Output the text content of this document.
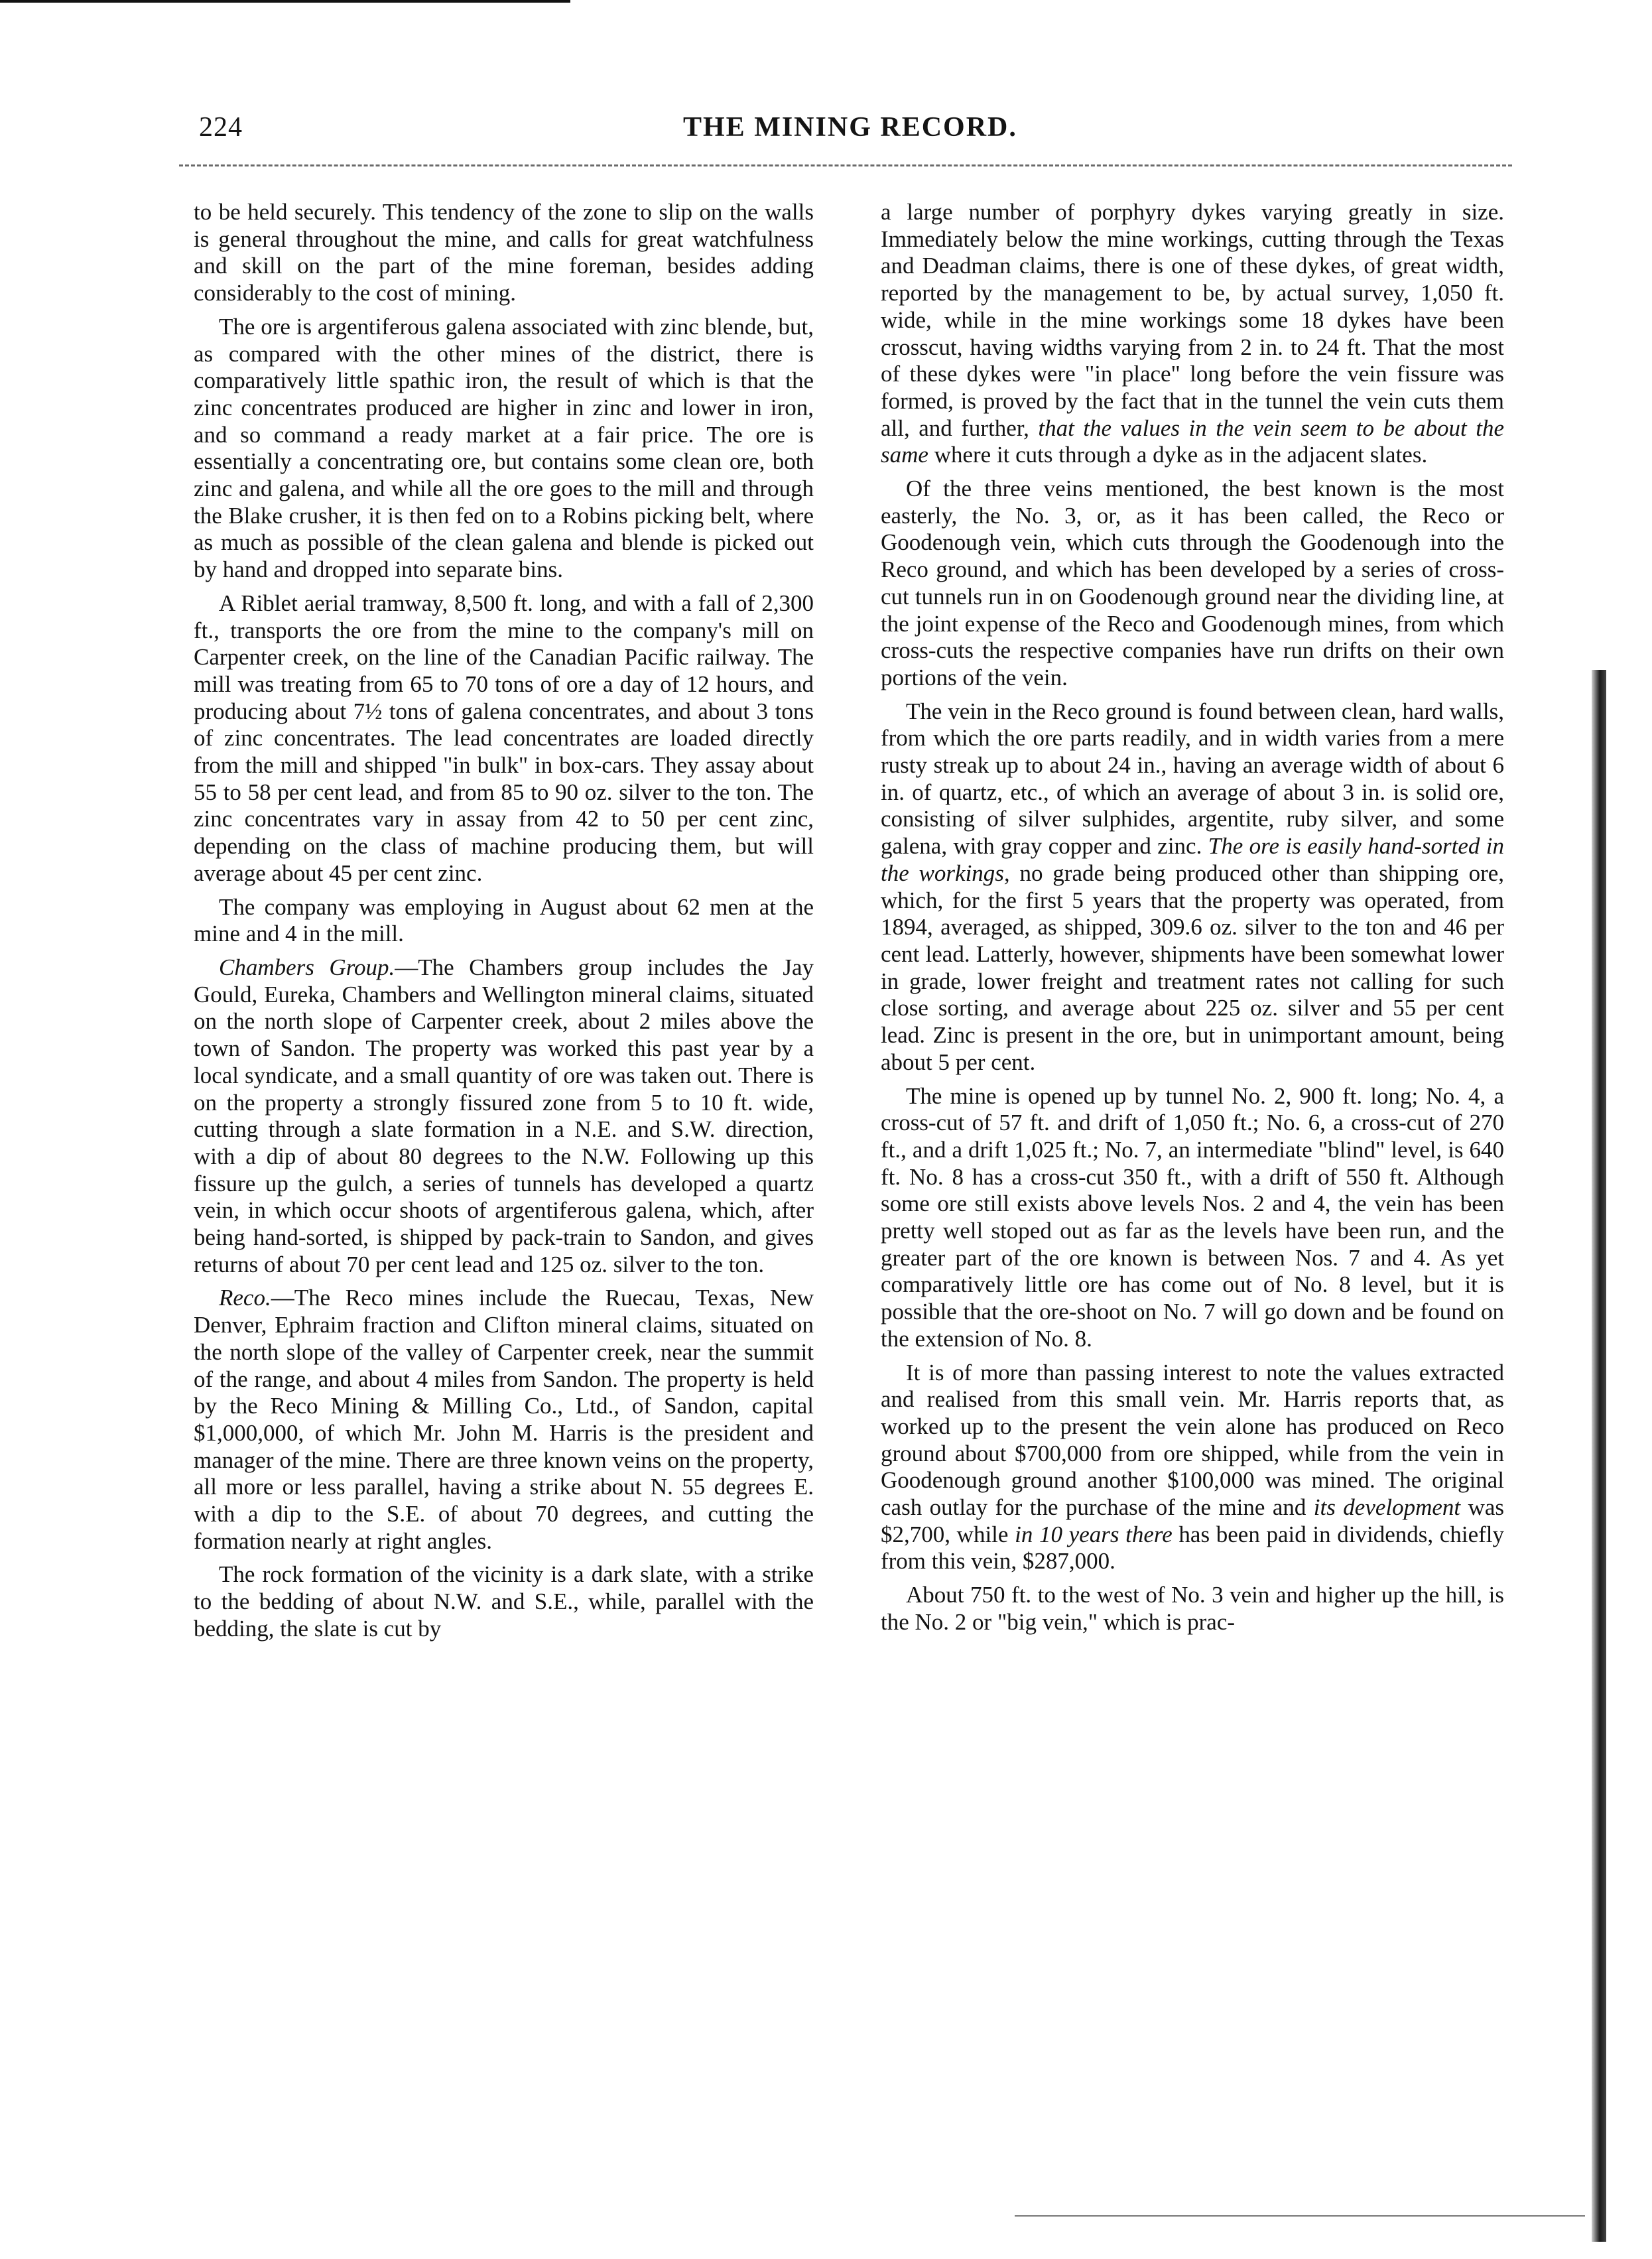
224	THE MINING RECORD.

to be held securely. This tendency of the zone to slip on the walls is general throughout the mine, and calls for great watchfulness and skill on the part of the mine foreman, besides adding considerably to the cost of mining.

The ore is argentiferous galena associated with zinc blende, but, as compared with the other mines of the district, there is comparatively little spathic iron, the result of which is that the zinc concentrates produced are higher in zinc and lower in iron, and so command a ready market at a fair price. The ore is essentially a concentrating ore, but contains some clean ore, both zinc and galena, and while all the ore goes to the mill and through the Blake crusher, it is then fed on to a Robins picking belt, where as much as possible of the clean galena and blende is picked out by hand and dropped into separate bins.

A Riblet aerial tramway, 8,500 ft. long, and with a fall of 2,300 ft., transports the ore from the mine to the company's mill on Carpenter creek, on the line of the Canadian Pacific railway. The mill was treating from 65 to 70 tons of ore a day of 12 hours, and producing about 7½ tons of galena concentrates, and about 3 tons of zinc concentrates. The lead concentrates are loaded directly from the mill and shipped "in bulk" in box-cars. They assay about 55 to 58 per cent lead, and from 85 to 90 oz. silver to the ton. The zinc concentrates vary in assay from 42 to 50 per cent zinc, depending on the class of machine producing them, but will average about 45 per cent zinc.

The company was employing in August about 62 men at the mine and 4 in the mill.

Chambers Group.—The Chambers group includes the Jay Gould, Eureka, Chambers and Wellington mineral claims, situated on the north slope of Carpenter creek, about 2 miles above the town of Sandon. The property was worked this past year by a local syndicate, and a small quantity of ore was taken out. There is on the property a strongly fissured zone from 5 to 10 ft. wide, cutting through a slate formation in a N.E. and S.W. direction, with a dip of about 80 degrees to the N.W. Following up this fissure up the gulch, a series of tunnels has developed a quartz vein, in which occur shoots of argentiferous galena, which, after being hand-sorted, is shipped by pack-train to Sandon, and gives returns of about 70 per cent lead and 125 oz. silver to the ton.

Reco.—The Reco mines include the Ruecau, Texas, New Denver, Ephraim fraction and Clifton mineral claims, situated on the north slope of the valley of Carpenter creek, near the summit of the range, and about 4 miles from Sandon. The property is held by the Reco Mining & Milling Co., Ltd., of Sandon, capital $1,000,000, of which Mr. John M. Harris is the president and manager of the mine. There are three known veins on the property, all more or less parallel, having a strike about N. 55 degrees E. with a dip to the S.E. of about 70 degrees, and cutting the formation nearly at right angles.

The rock formation of the vicinity is a dark slate, with a strike to the bedding of about N.W. and S.E., while, parallel with the bedding, the slate is cut by

a large number of porphyry dykes varying greatly in size. Immediately below the mine workings, cutting through the Texas and Deadman claims, there is one of these dykes, of great width, reported by the management to be, by actual survey, 1,050 ft. wide, while in the mine workings some 18 dykes have been crosscut, having widths varying from 2 in. to 24 ft. That the most of these dykes were "in place" long before the vein fissure was formed, is proved by the fact that in the tunnel the vein cuts them all, and further, that the values in the vein seem to be about the same where it cuts through a dyke as in the adjacent slates.

Of the three veins mentioned, the best known is the most easterly, the No. 3, or, as it has been called, the Reco or Goodenough vein, which cuts through the Goodenough into the Reco ground, and which has been developed by a series of cross-cut tunnels run in on Goodenough ground near the dividing line, at the joint expense of the Reco and Goodenough mines, from which cross-cuts the respective companies have run drifts on their own portions of the vein.

The vein in the Reco ground is found between clean, hard walls, from which the ore parts readily, and in width varies from a mere rusty streak up to about 24 in., having an average width of about 6 in. of quartz, etc., of which an average of about 3 in. is solid ore, consisting of silver sulphides, argentite, ruby silver, and some galena, with gray copper and zinc. The ore is easily hand-sorted in the workings, no grade being produced other than shipping ore, which, for the first 5 years that the property was operated, from 1894, averaged, as shipped, 309.6 oz. silver to the ton and 46 per cent lead. Latterly, however, shipments have been somewhat lower in grade, lower freight and treatment rates not calling for such close sorting, and average about 225 oz. silver and 55 per cent lead. Zinc is present in the ore, but in unimportant amount, being about 5 per cent.

The mine is opened up by tunnel No. 2, 900 ft. long; No. 4, a cross-cut of 57 ft. and drift of 1,050 ft.; No. 6, a cross-cut of 270 ft., and a drift 1,025 ft.; No. 7, an intermediate "blind" level, is 640 ft. No. 8 has a cross-cut 350 ft., with a drift of 550 ft. Although some ore still exists above levels Nos. 2 and 4, the vein has been pretty well stoped out as far as the levels have been run, and the greater part of the ore known is between Nos. 7 and 4. As yet comparatively little ore has come out of No. 8 level, but it is possible that the ore-shoot on No. 7 will go down and be found on the extension of No. 8.

It is of more than passing interest to note the values extracted and realised from this small vein. Mr. Harris reports that, as worked up to the present the vein alone has produced on Reco ground about $700,000 from ore shipped, while from the vein in Goodenough ground another $100,000 was mined. The original cash outlay for the purchase of the mine and its development was $2,700, while in 10 years there has been paid in dividends, chiefly from this vein, $287,000.

About 750 ft. to the west of No. 3 vein and higher up the hill, is the No. 2 or "big vein," which is prac-
